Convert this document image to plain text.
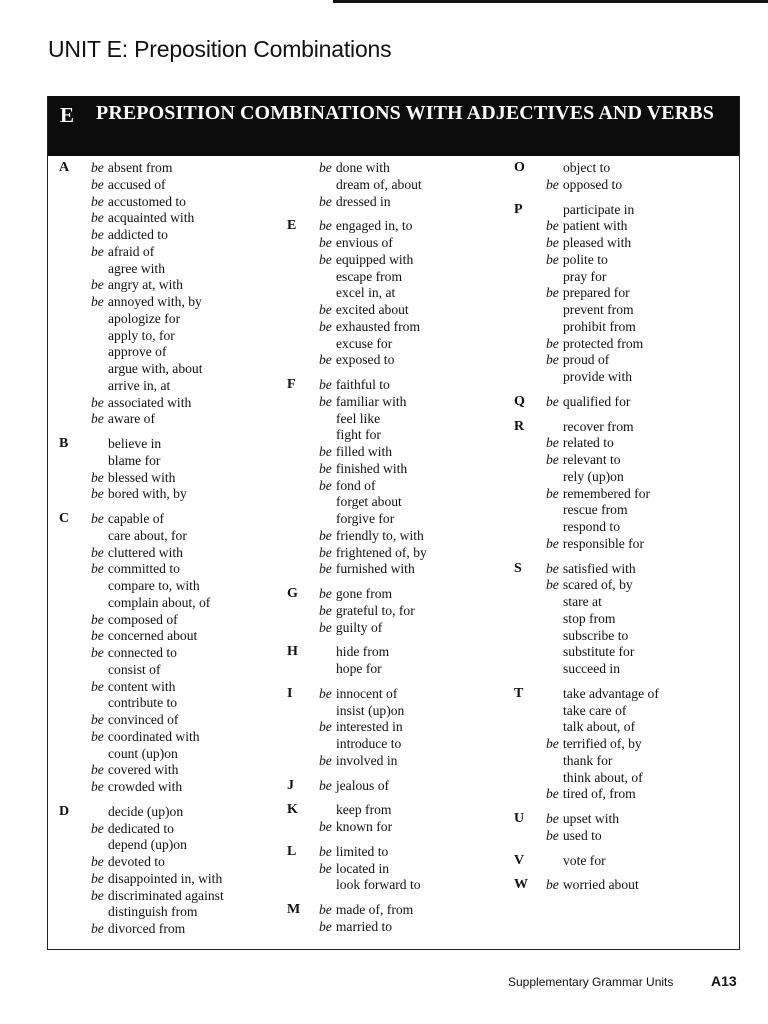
UNIT E: Preposition Combinations
E PREPOSITION COMBINATIONS WITH ADJECTIVES AND VERBS
A be absent from
be accused of
be accustomed to
be acquainted with
be addicted to
be afraid of
agree with
be angry at, with
be annoyed with, by
apologize for
apply to, for
approve of
argue with, about
arrive in, at
be associated with
be aware of
B	believe in
blame for
be blessed with
be bored with, by
C be capable of
care about, for
be cluttered with
be committed to
compare to, with
complain about, of
be composed of
be concerned about
be connected to
consist of
be content with
contribute to
be convinced of
be coordinated with
count (up)on
be covered with
be crowded with
D	decide (up)on
be dedicated to
depend (up)on
be devoted to
be disappointed in, with
be discriminated against
distinguish from
be divorced from
be done with
dream of, about
be dressed in
E be engaged in, to
be envious of
be equipped with
escape from
excel in, at
be excited about
be exhausted from
excuse for
be exposed to
F be faithful to
be familiar with
feel like
fight for
be filled with
be finished with
be fond of
forget about
forgive for
be friendly to, with
be frightened of, by
be furnished with
G be gone from
be grateful to, for
be guilty of
H	hide from
hope for
I be innocent of
insist (up)on
be interested in
introduce to
be involved in
J be jealous of
K	keep from
be known for
L be limited to
be located in
look forward to
M be made of, from
be married to
O	object to
be opposed to
P	participate in
be patient with
be pleased with
be polite to
pray for
be prepared for
prevent from
prohibit from
be protected from
be proud of
provide with
Q be qualified for
R	recover from
be related to
be relevant to
rely (up)on
be remembered for
rescue from
respond to
be responsible for
S be satisfied with
be scared of, by
stare at
stop from
subscribe to
substitute for
succeed in
T	take advantage of
take care of
talk about, of
be terrified of, by
thank for
think about, of
be tired of, from
U be upset with
be used to
V	vote for
W be worried about
Supplementary Grammar Units	A13
